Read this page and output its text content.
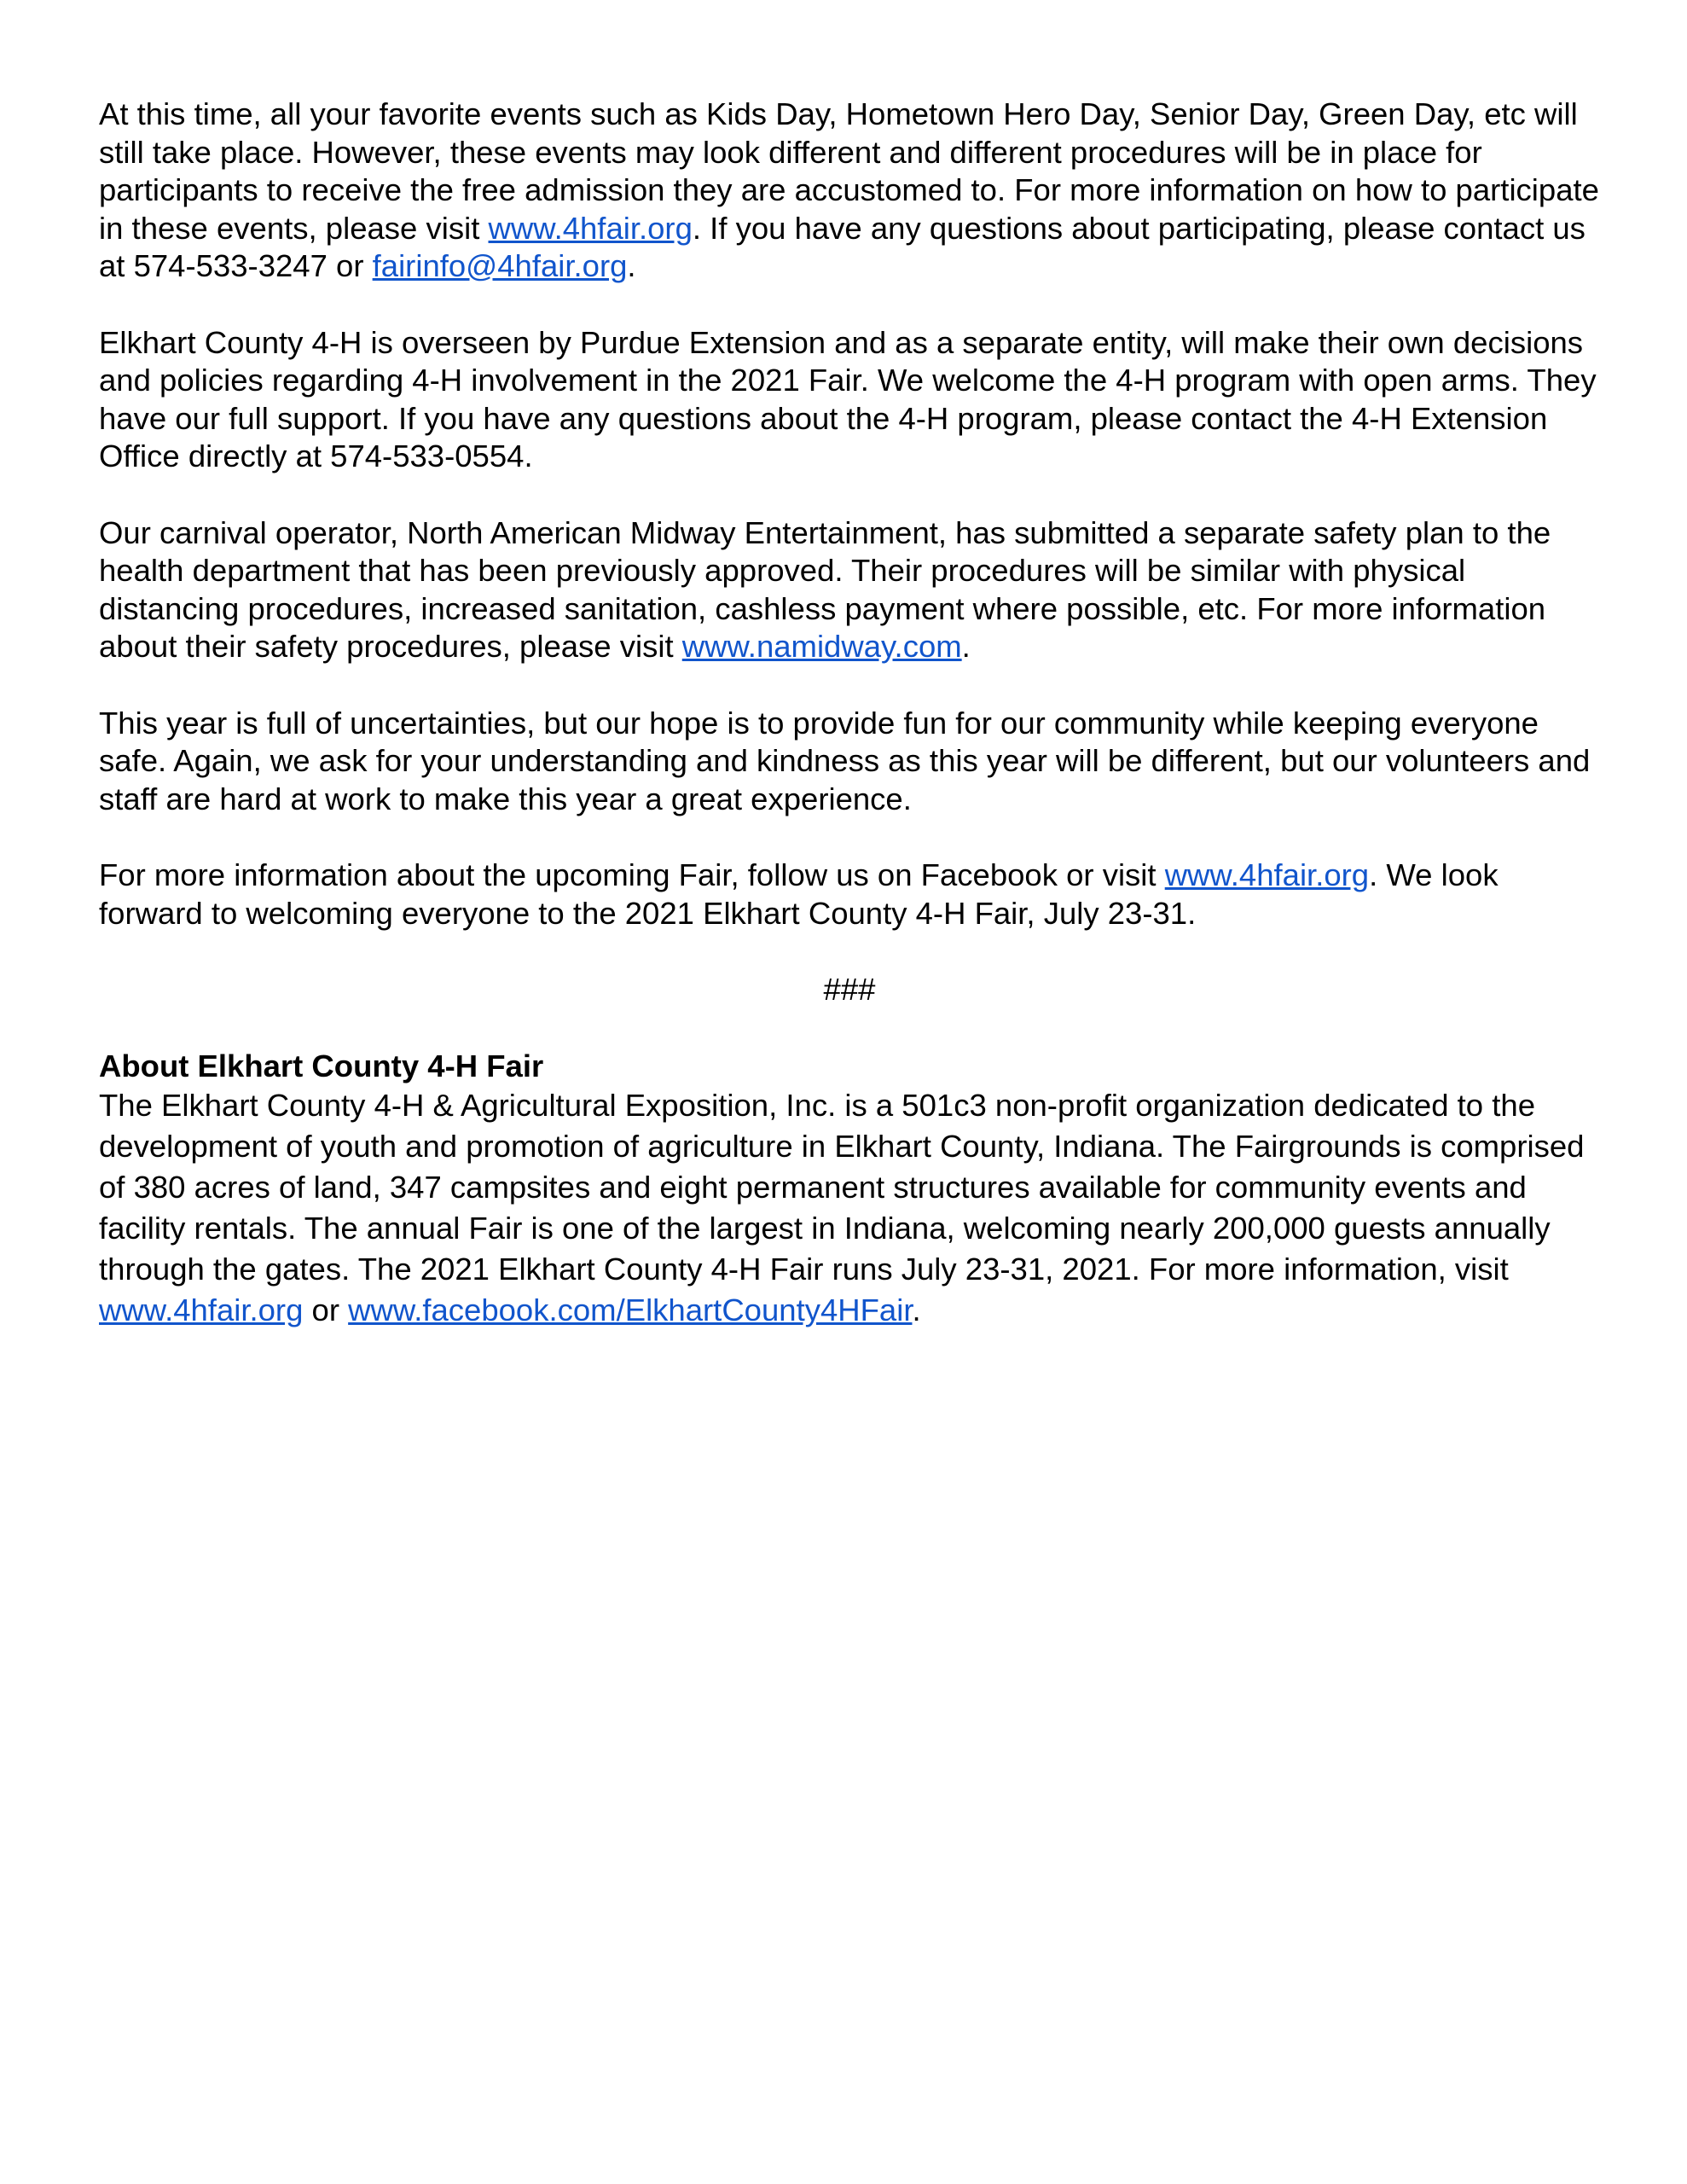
At this time, all your favorite events such as Kids Day, Hometown Hero Day, Senior Day, Green Day, etc will still take place. However, these events may look different and different procedures will be in place for participants to receive the free admission they are accustomed to. For more information on how to participate in these events, please visit www.4hfair.org. If you have any questions about participating, please contact us at 574-533-3247 or fairinfo@4hfair.org.

Elkhart County 4-H is overseen by Purdue Extension and as a separate entity, will make their own decisions and policies regarding 4-H involvement in the 2021 Fair. We welcome the 4-H program with open arms. They have our full support. If you have any questions about the 4-H program, please contact the 4-H Extension Office directly at 574-533-0554.

Our carnival operator, North American Midway Entertainment, has submitted a separate safety plan to the health department that has been previously approved. Their procedures will be similar with physical distancing procedures, increased sanitation, cashless payment where possible, etc. For more information about their safety procedures, please visit www.namidway.com.

This year is full of uncertainties, but our hope is to provide fun for our community while keeping everyone safe. Again, we ask for your understanding and kindness as this year will be different, but our volunteers and staff are hard at work to make this year a great experience.

For more information about the upcoming Fair, follow us on Facebook or visit www.4hfair.org. We look forward to welcoming everyone to the 2021 Elkhart County 4-H Fair, July 23-31.

###

About Elkhart County 4-H Fair

The Elkhart County 4-H & Agricultural Exposition, Inc. is a 501c3 non-profit organization dedicated to the development of youth and promotion of agriculture in Elkhart County, Indiana. The Fairgrounds is comprised of 380 acres of land, 347 campsites and eight permanent structures available for community events and facility rentals. The annual Fair is one of the largest in Indiana, welcoming nearly 200,000 guests annually through the gates. The 2021 Elkhart County 4-H Fair runs July 23-31, 2021. For more information, visit www.4hfair.org or www.facebook.com/ElkhartCounty4HFair.
